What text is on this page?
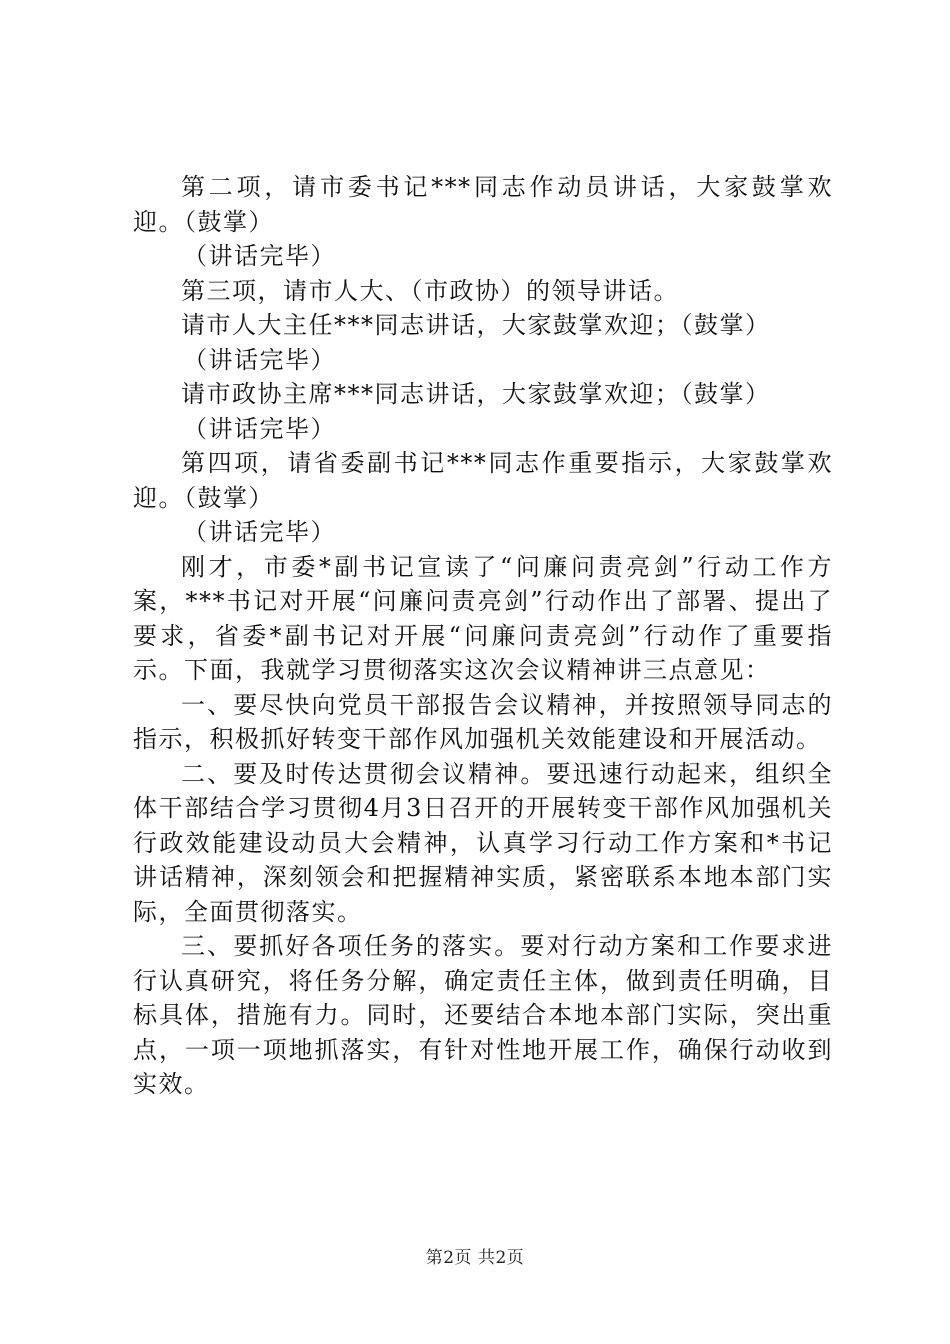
第二项，请市委书记***同志作动员讲话，大家鼓掌欢迎。（鼓掌）

（讲话完毕）

第三项，请市人大、（市政协）的领导讲话。

请市人大主任***同志讲话，大家鼓掌欢迎；（鼓掌）

（讲话完毕）

请市政协主席***同志讲话，大家鼓掌欢迎；（鼓掌）

（讲话完毕）

第四项，请省委副书记***同志作重要指示，大家鼓掌欢迎。（鼓掌）

（讲话完毕）

刚才，市委*副书记宣读了“问廉问责亮剑”行动工作方案，***书记对开展“问廉问责亮剑”行动作出了部署、提出了要求，省委*副书记对开展“问廉问责亮剑”行动作了重要指示。下面，我就学习贯彻落实这次会议精神讲三点意见：

一、要尽快向党员干部报告会议精神，并按照领导同志的指示，积极抓好转变干部作风加强机关效能建设和开展活动。

二、要及时传达贯彻会议精神。要迅速行动起来，组织全体干部结合学习贯彻4月3日召开的开展转变干部作风加强机关行政效能建设动员大会精神，认真学习行动工作方案和*书记讲话精神，深刻领会和把握精神实质，紧密联系本地本部门实际，全面贯彻落实。

三、要抓好各项任务的落实。要对行动方案和工作要求进行认真研究，将任务分解，确定责任主体，做到责任明确，目标具体，措施有力。同时，还要结合本地本部门实际，突出重点，一项一项地抓落实，有针对性地开展工作，确保行动收到实效。

第2页 共2页
